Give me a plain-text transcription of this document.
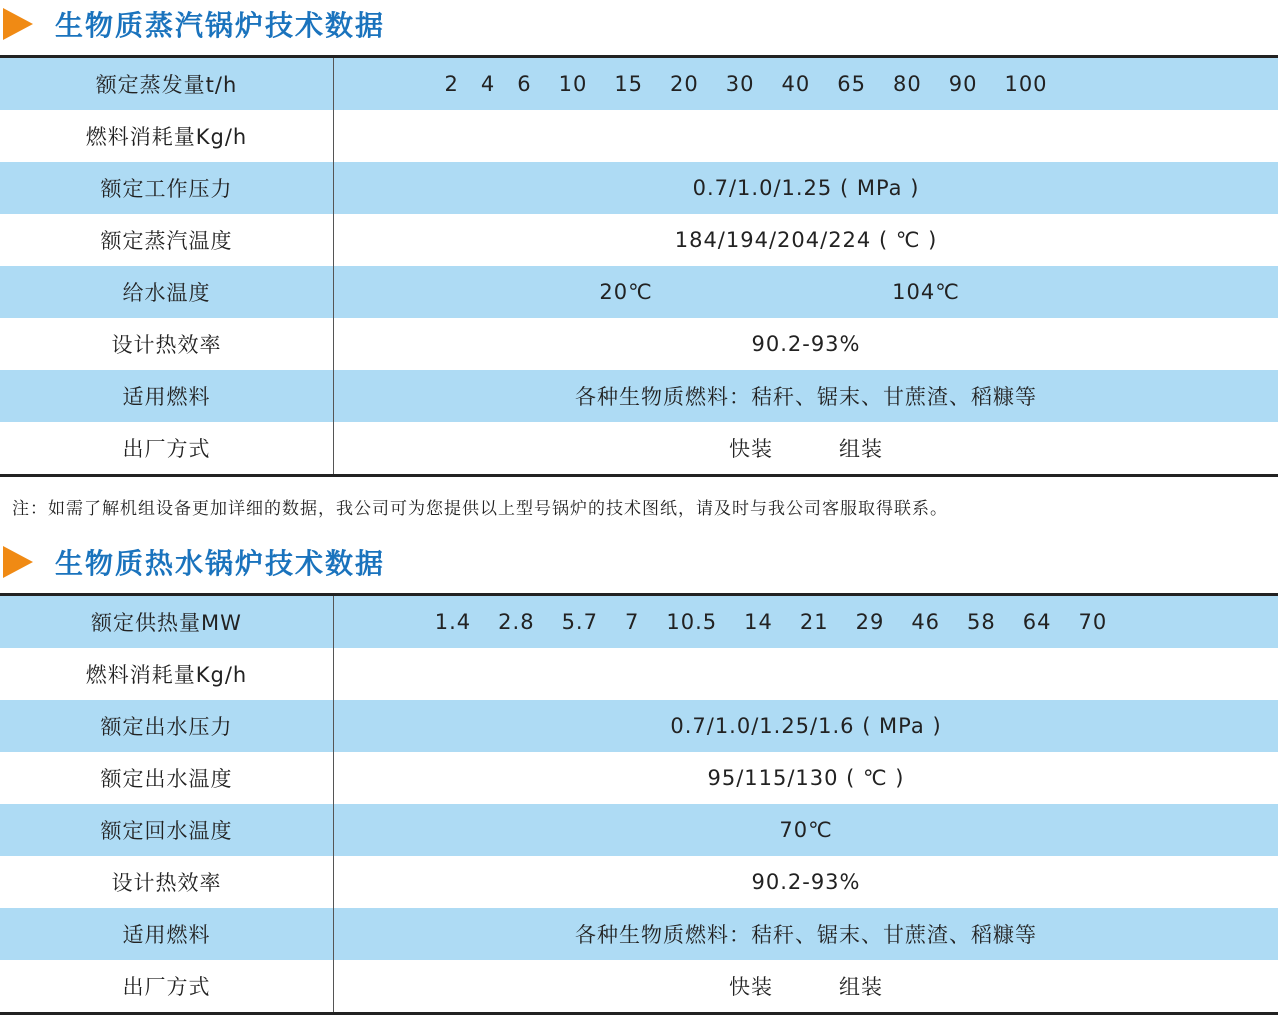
生物质蒸汽锅炉技术数据
额定蒸发量t/h	2 4 6 10 15 20 30 40 65 80 90 100
燃料消耗量Kg/h
额定工作压力	0.7/1.0/1.25 ( MPa )
额定蒸汽温度	184/194/204/224 ( ℃ )
给水温度	20℃	104℃
设计热效率	90.2-93%
适用燃料	各种生物质燃料：秸秆、锯末、甘蔗渣、稻糠等
出厂方式	快装	组装
注：如需了解机组设备更加详细的数据，我公司可为您提供以上型号锅炉的技术图纸，请及时与我公司客服取得联系。
生物质热水锅炉技术数据
额定供热量MW	1.4 2.8 5.7 7 10.5 14 21 29 46 58 64 70
燃料消耗量Kg/h
额定出水压力	0.7/1.0/1.25/1.6 ( MPa )
额定出水温度	95/115/130 ( ℃ )
额定回水温度	70℃
设计热效率	90.2-93%
适用燃料	各种生物质燃料：秸秆、锯末、甘蔗渣、稻糠等
出厂方式	快装	组装
